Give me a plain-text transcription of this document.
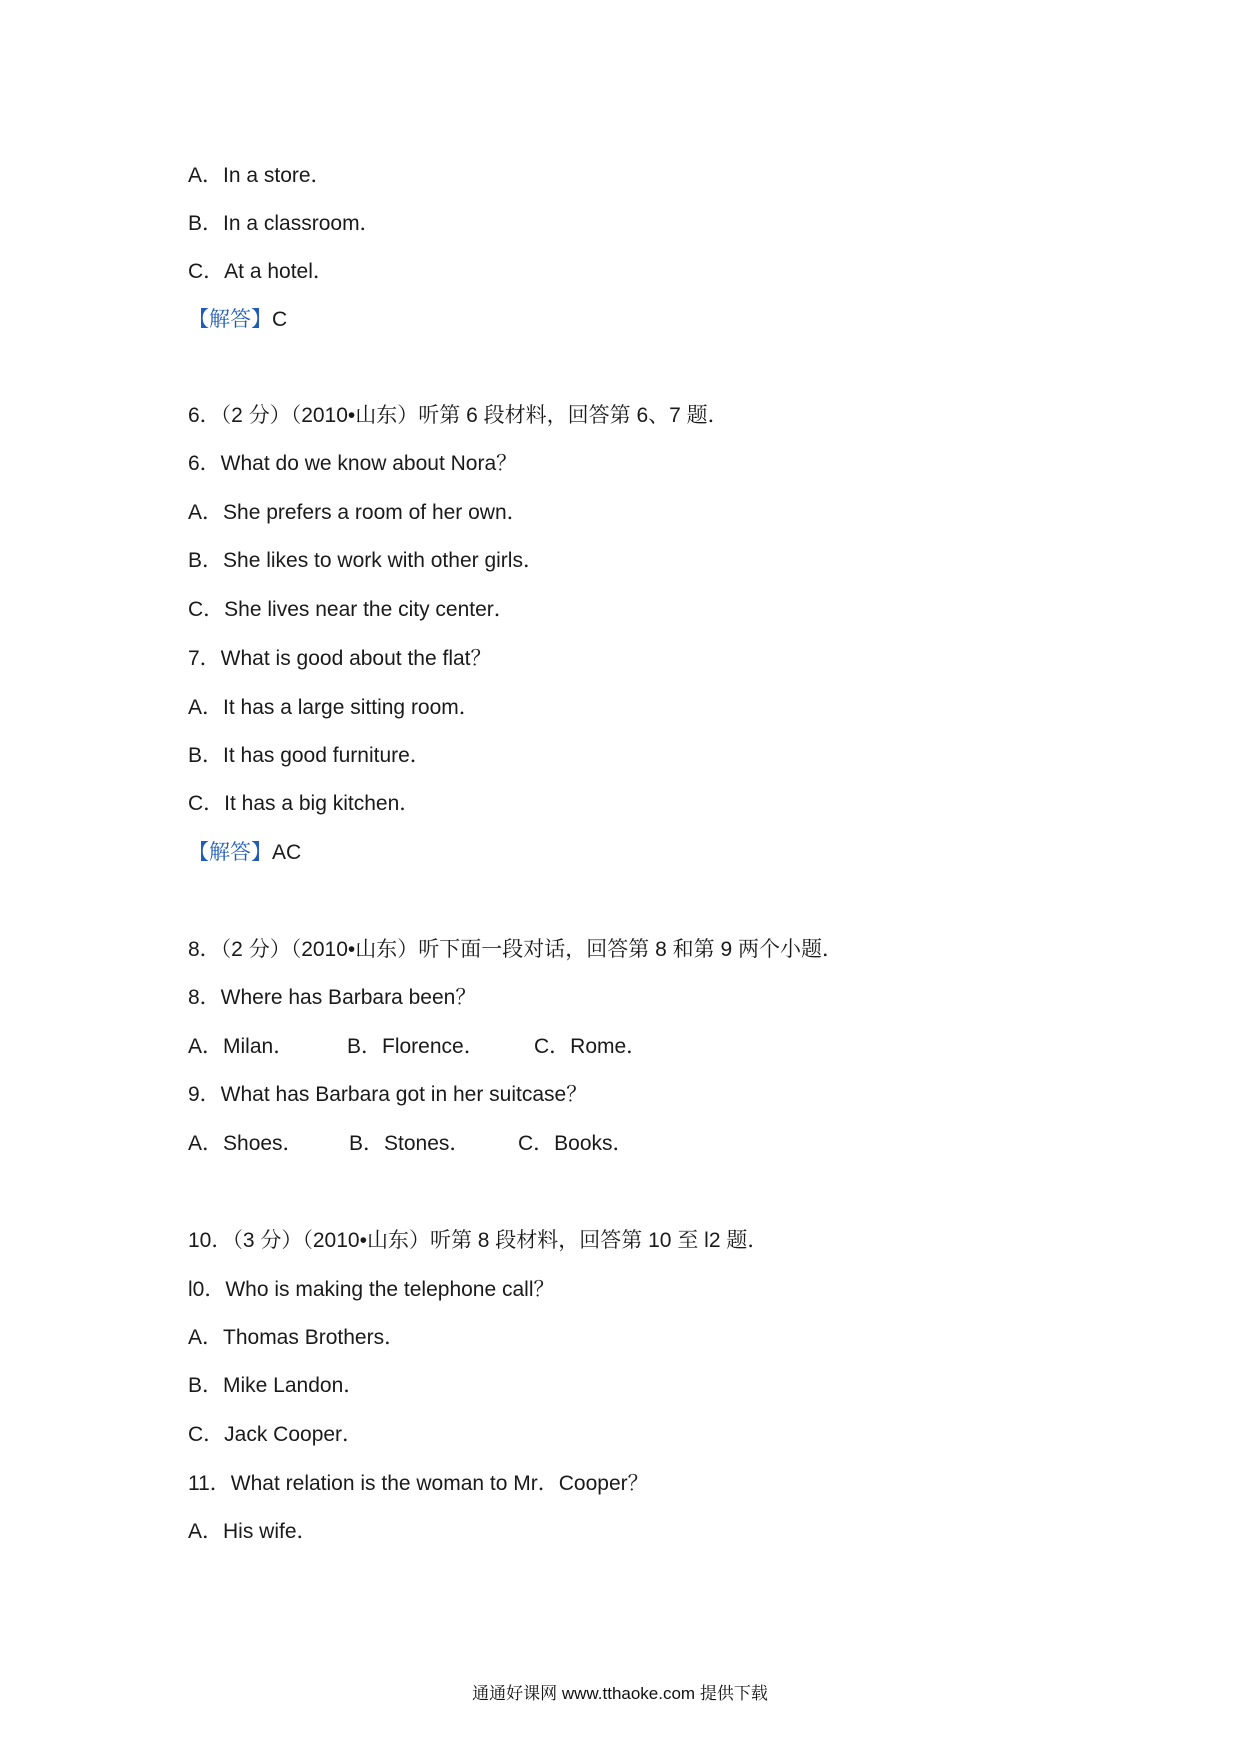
A．In a store．
B．In a classroom．
C．At a hotel．
【解答】C
6．（2 分）（2010•山东）听第 6 段材料，回答第 6、7 题．
6．What do we know about Nora？
A．She prefers a room of her own．
B．She likes to work with other girls．
C．She lives near the city center．
7．What is good about the flat？
A．It has a large sitting room．
B．It has good furniture．
C．It has a big kitchen．
【解答】AC
8．（2 分）（2010•山东）听下面一段对话，回答第 8 和第 9 两个小题．
8．Where has Barbara been？
A．Milan．	B．Florence． C．Rome．
9．What has Barbara got in her suitcase？
A．Shoes． B．Stones． C．Books．
10．（3 分）（2010•山东）听第 8 段材料，回答第 10 至 l2 题．
l0．Who is making the telephone call？
A．Thomas Brothers．
B．Mike Landon．
C．Jack Cooper．
11．What relation is the woman to Mr．Cooper？
A．His wife．
通通好课网 www.tthaoke.com 提供下载
